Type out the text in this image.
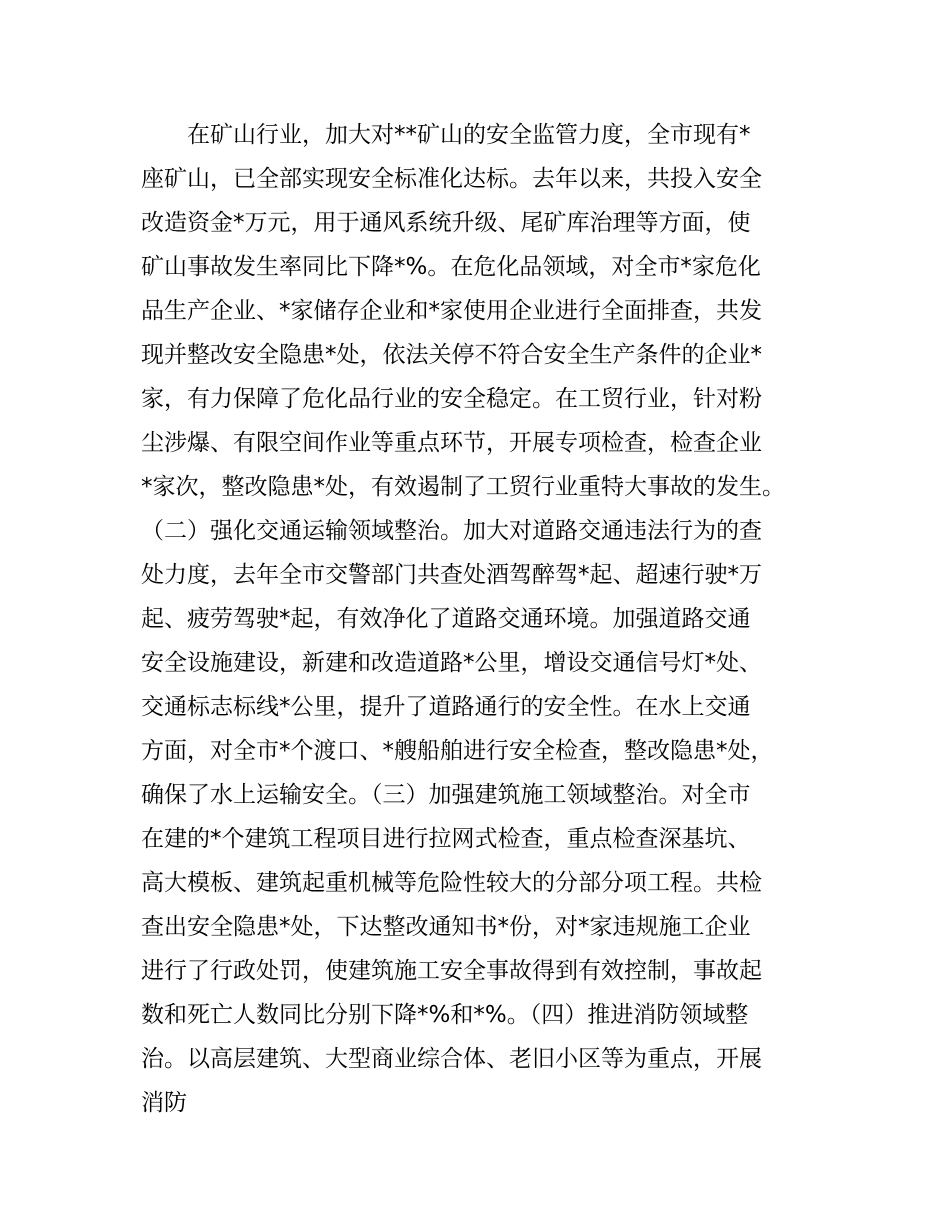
在矿山行业，加大对**矿山的安全监管力度，全市现有*
座矿山，已全部实现安全标准化达标。去年以来，共投入安全
改造资金*万元，用于通风系统升级、尾矿库治理等方面，使
矿山事故发生率同比下降*%。在危化品领域，对全市*家危化
品生产企业、*家储存企业和*家使用企业进行全面排查，共发
现并整改安全隐患*处，依法关停不符合安全生产条件的企业*
家，有力保障了危化品行业的安全稳定。在工贸行业，针对粉
尘涉爆、有限空间作业等重点环节，开展专项检查，检查企业
*家次，整改隐患*处，有效遏制了工贸行业重特大事故的发生。
（二）强化交通运输领域整治。加大对道路交通违法行为的查
处力度，去年全市交警部门共查处酒驾醉驾*起、超速行驶*万
起、疲劳驾驶*起，有效净化了道路交通环境。加强道路交通
安全设施建设，新建和改造道路*公里，增设交通信号灯*处、
交通标志标线*公里，提升了道路通行的安全性。在水上交通
方面，对全市*个渡口、*艘船舶进行安全检查，整改隐患*处，
确保了水上运输安全。（三）加强建筑施工领域整治。对全市
在建的*个建筑工程项目进行拉网式检查，重点检查深基坑、
高大模板、建筑起重机械等危险性较大的分部分项工程。共检
查出安全隐患*处，下达整改通知书*份，对*家违规施工企业
进行了行政处罚，使建筑施工安全事故得到有效控制，事故起
数和死亡人数同比分别下降*%和*%。（四）推进消防领域整
治。以高层建筑、大型商业综合体、老旧小区等为重点，开展
消防
